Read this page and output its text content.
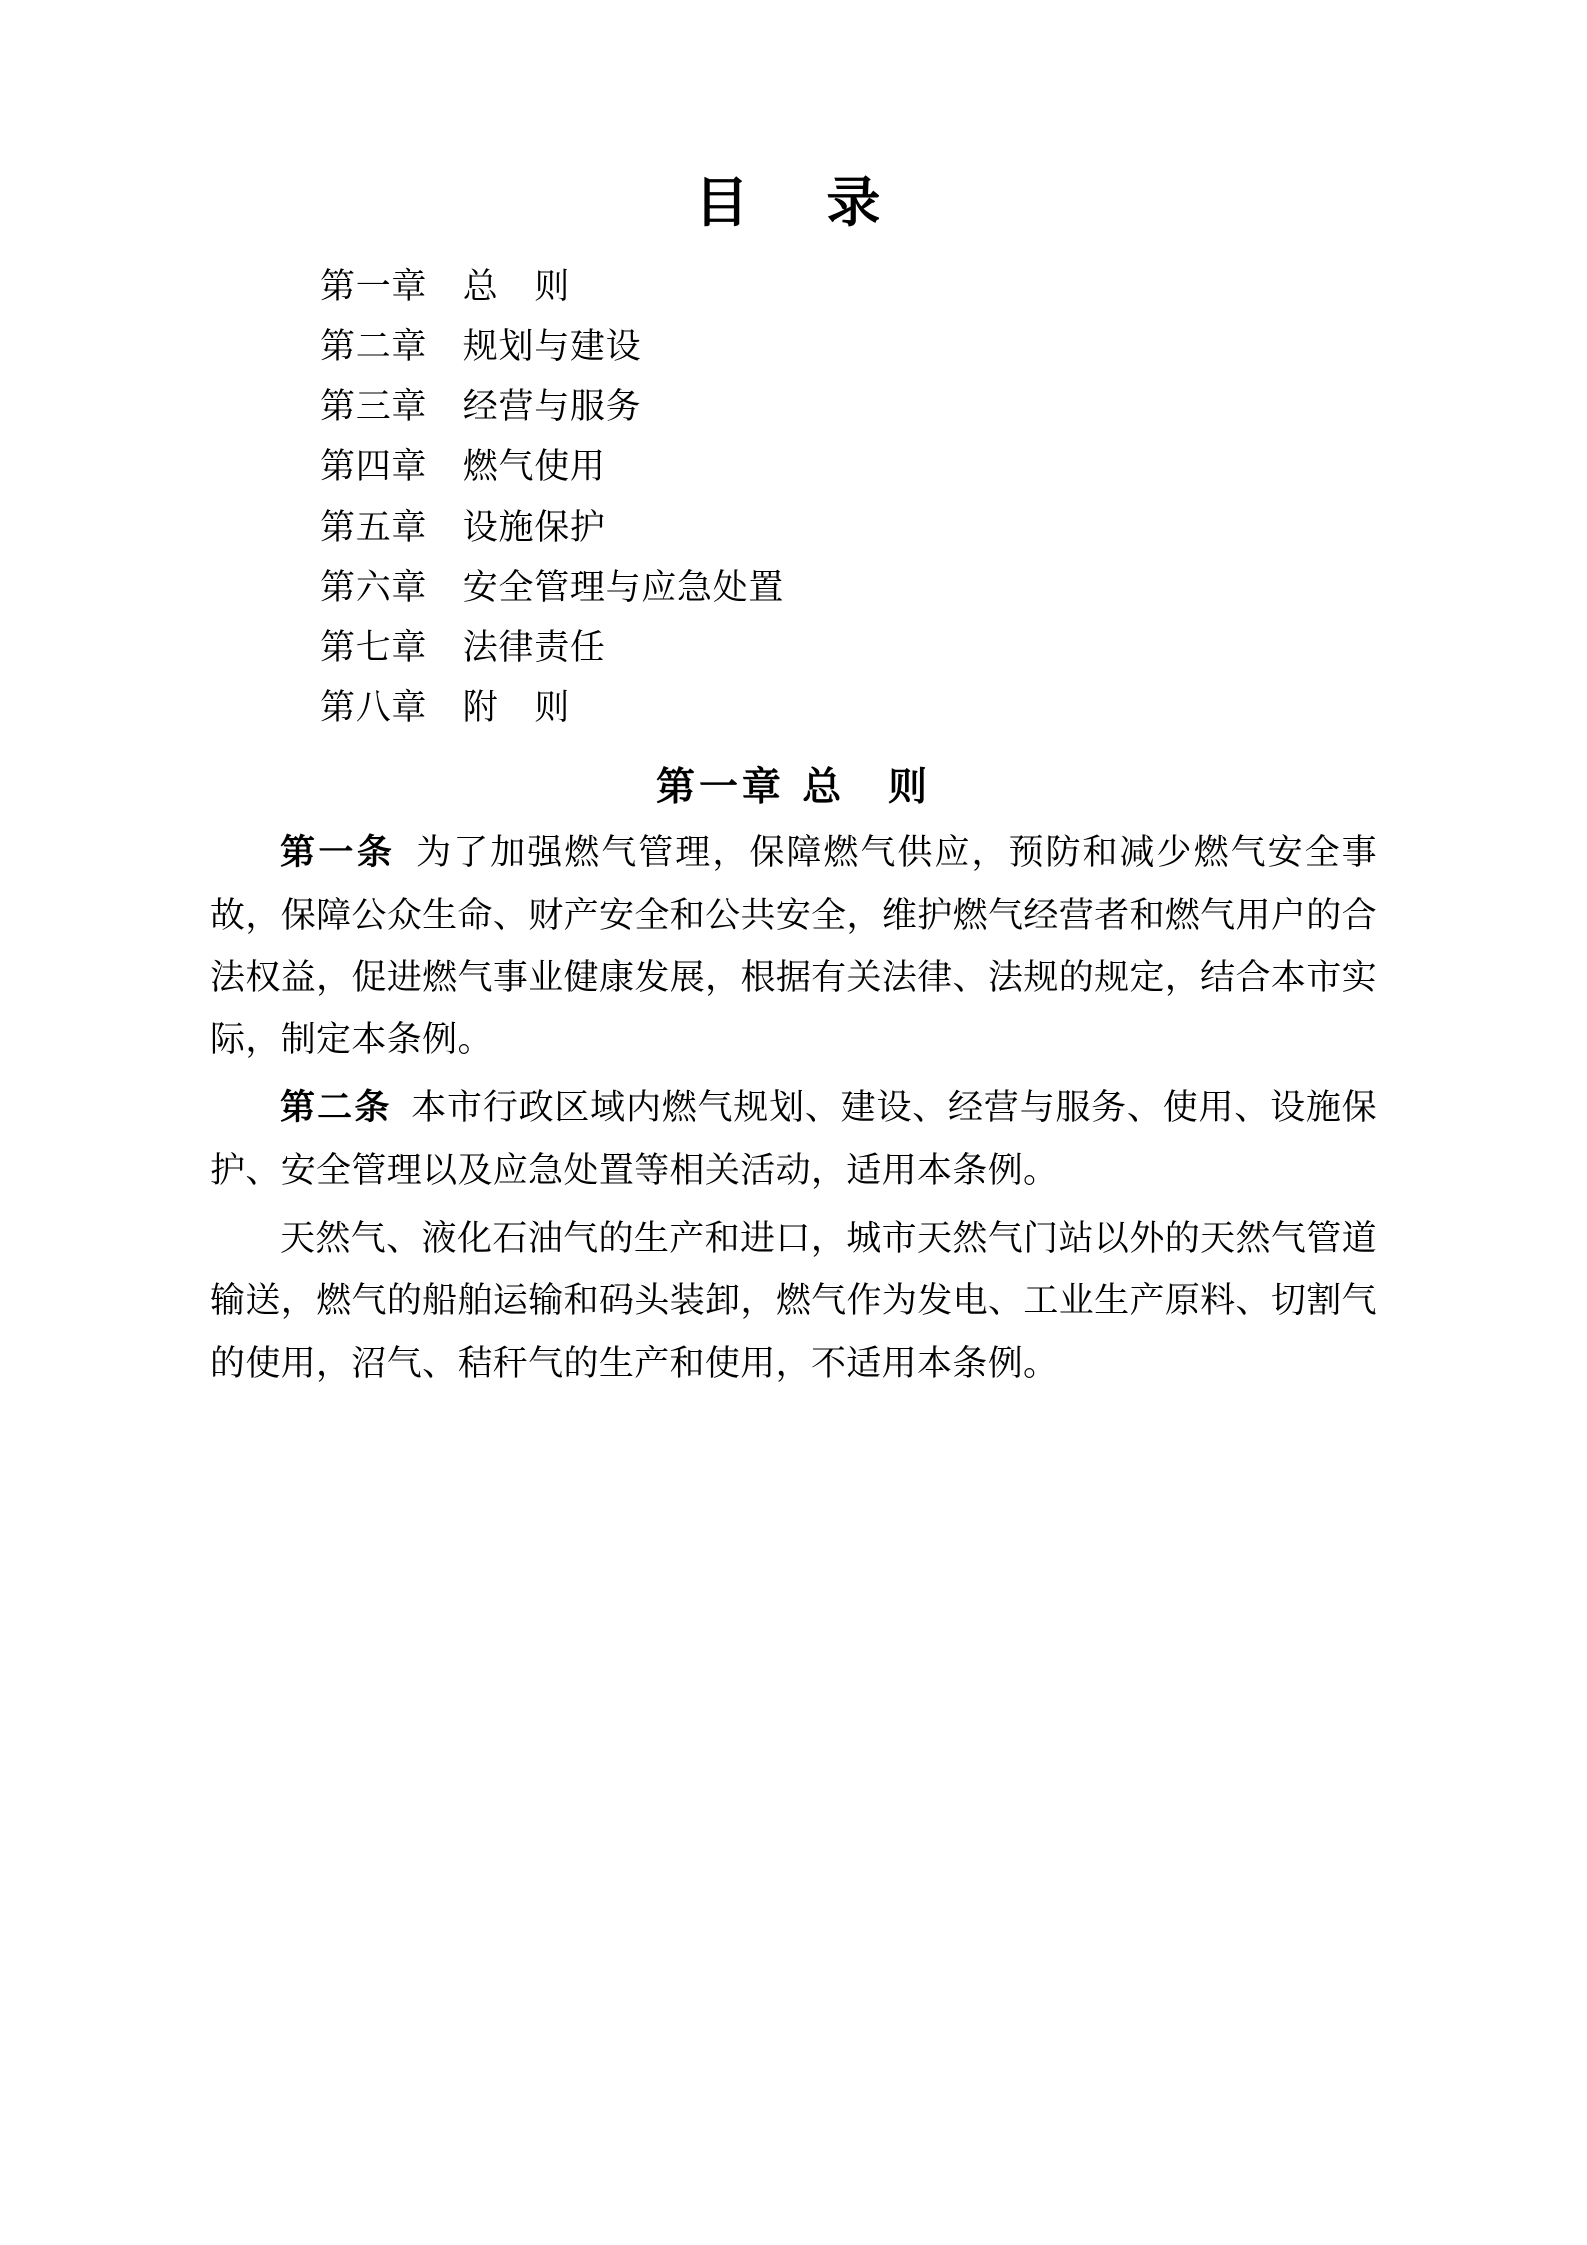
目　录
第一章　总　则
第二章　规划与建设
第三章　经营与服务
第四章　燃气使用
第五章　设施保护
第六章　安全管理与应急处置
第七章　法律责任
第八章　附　则
第一章 总　则

第一条 为了加强燃气管理，保障燃气供应，预防和减少燃气安全事故，保障公众生命、财产安全和公共安全，维护燃气经营者和燃气用户的合法权益，促进燃气事业健康发展，根据有关法律、法规的规定，结合本市实际，制定本条例。

第二条 本市行政区域内燃气规划、建设、经营与服务、使用、设施保护、安全管理以及应急处置等相关活动，适用本条例。

天然气、液化石油气的生产和进口，城市天然气门站以外的天然气管道输送，燃气的船舶运输和码头装卸，燃气作为发电、工业生产原料、切割气的使用，沼气、秸秆气的生产和使用，不适用本条例。
